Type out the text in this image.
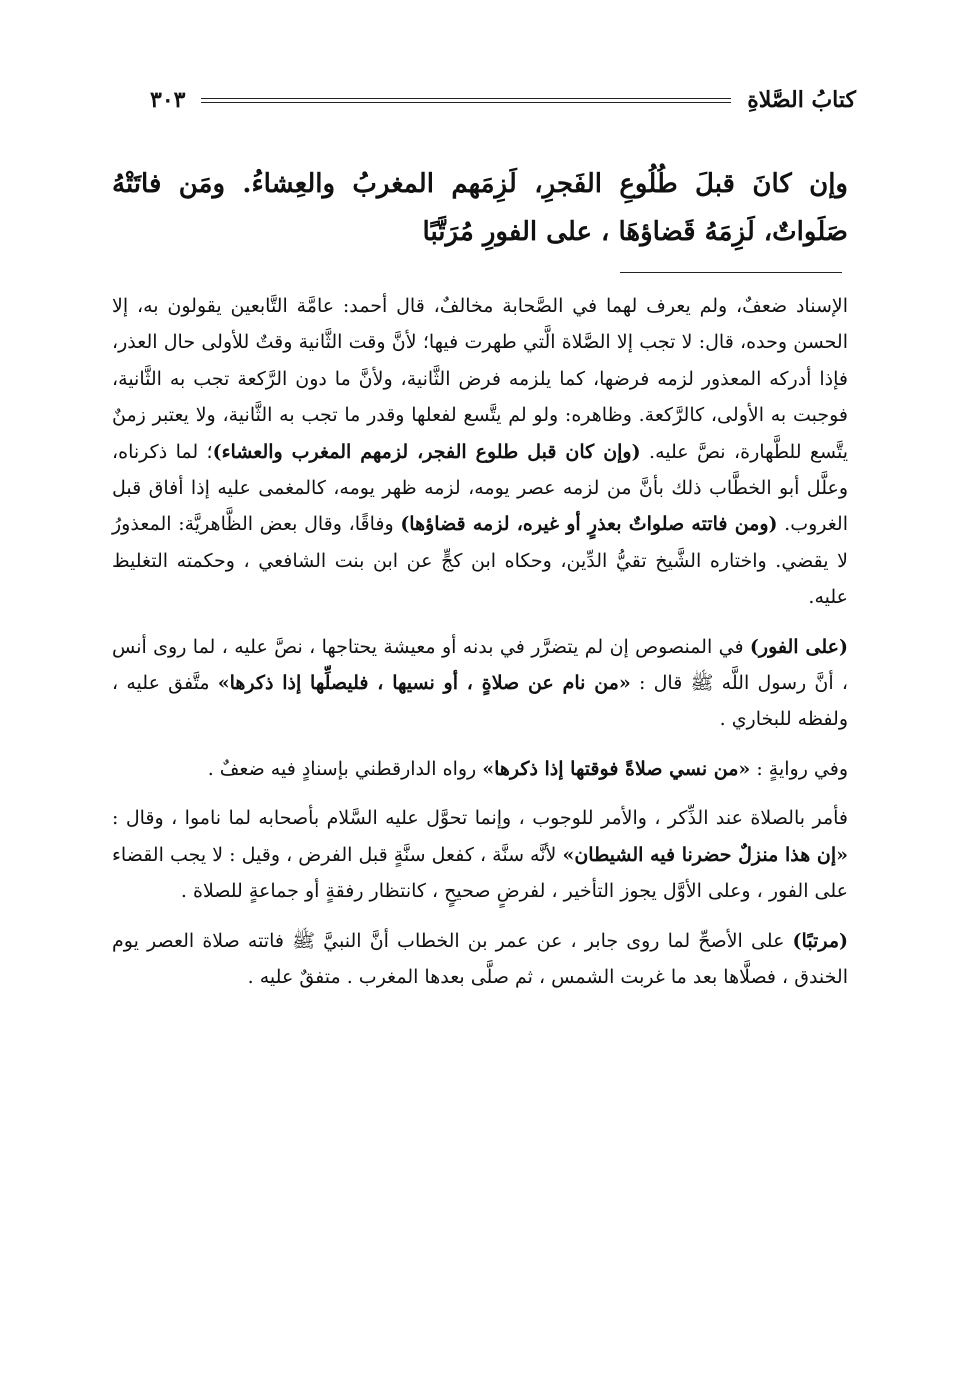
كتابُ الصَّلاةِ
٣٠٣
وإن كانَ قبلَ طُلُوعِ الفَجرِ، لَزِمَهم المغربُ والعِشاءُ. ومَن فاتَتْهُ صَلَواتٌ، لَزِمَهُ قَضاؤهَا ، على الفورِ مُرَتَّبًا

الإسناد ضعفٌ، ولم يعرف لهما في الصَّحابة مخالفٌ، قال أحمد: عامَّة التَّابعين يقولون به، إلا الحسن وحده، قال: لا تجب إلا الصَّلاة الَّتي طهرت فيها؛ لأنَّ وقت الثَّانية وقتٌ للأولى حال العذر، فإذا أدركه المعذور لزمه فرضها، كما يلزمه فرض الثَّانية، ولأنَّ ما دون الرَّكعة تجب به الثَّانية، فوجبت به الأولى، كالرَّكعة. وظاهره: ولو لم يتَّسع لفعلها وقدر ما تجب به الثَّانية، ولا يعتبر زمنٌ يتَّسع للطَّهارة، نصَّ عليه. (وإن كان قبل طلوع الفجر، لزمهم المغرب والعشاء)؛ لما ذكرناه، وعلَّل أبو الخطَّاب ذلك بأنَّ من لزمه عصر يومه، لزمه ظهر يومه، كالمغمى عليه إذا أفاق قبل الغروب. (ومن فاتته صلواتٌ بعذرٍ أو غيره، لزمه قضاؤها) وفاقًا، وقال بعض الظَّاهريَّة: المعذورُ لا يقضي. واختاره الشَّيخ تقيُّ الدِّين، وحكاه ابن كجٍّ عن ابن بنت الشافعي ، وحكمته التغليظ عليه.

(على الفور) في المنصوص إن لم يتضرَّر في بدنه أو معيشة يحتاجها ، نصَّ عليه ، لما روى أنس ، أنَّ رسول اللَّه ﷺ قال : «من نام عن صلاةٍ ، أو نسيها ، فليصلِّها إذا ذكرها» متَّفق عليه ، ولفظه للبخاري .

وفي روايةٍ : «من نسي صلاةً فوقتها إذا ذكرها» رواه الدارقطني بإسنادٍ فيه ضعفٌ .

فأمر بالصلاة عند الذِّكر ، والأمر للوجوب ، وإنما تحوَّل عليه السَّلام بأصحابه لما ناموا ، وقال : «إن هذا منزلٌ حضرنا فيه الشيطان» لأنَّه سنَّة ، كفعل سنَّةٍ قبل الفرض ، وقيل : لا يجب القضاء على الفور ، وعلى الأوَّل يجوز التأخير ، لفرضٍ صحيحٍ ، كانتظار رفقةٍ أو جماعةٍ للصلاة .

(مرتبًا) على الأصحِّ لما روى جابر ، عن عمر بن الخطاب أنَّ النبيَّ ﷺ فاتته صلاة العصر يوم الخندق ، فصلَّاها بعد ما غربت الشمس ، ثم صلَّى بعدها المغرب . متفقٌ عليه .
